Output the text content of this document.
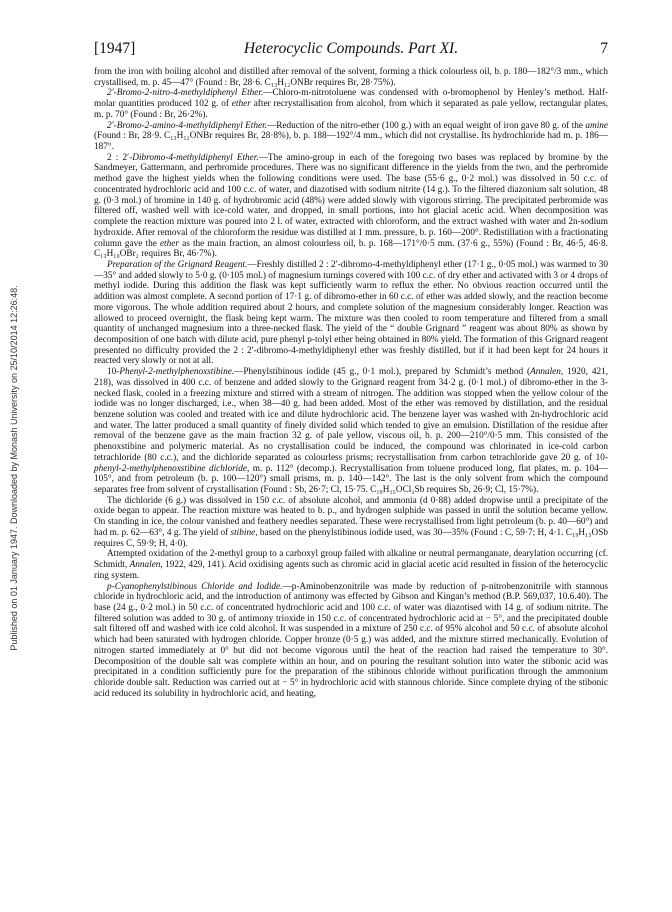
[1947]	Heterocyclic Compounds. Part XI.	7
Published on 01 January 1947. Downloaded by Monash University on 25/10/2014 12:26:48.

from the iron with boiling alcohol and distilled after removal of the solvent, forming a thick colourless oil, b. p. 180—182°/3 mm., which crystallised, m. p. 45—47° (Found : Br, 28·6. C₁₃H₁₂ONBr requires Br, 28·75%).

2′-Bromo-2-nitro-4-methyldiphenyl Ether.—Chloro-m-nitrotoluene was condensed with o-bromophenol by Henley’s method. Half-molar quantities produced 102 g. of ether after recrystallisation from alcohol, from which it separated as pale yellow, rectangular plates, m. p. 70° (Found : Br, 26·2%).

2′-Bromo-2-amino-4-methyldiphenyl Ether.—Reduction of the nitro-ether (100 g.) with an equal weight of iron gave 80 g. of the amine (Found : Br, 28·9. C₁₃H₁₂ONBr requires Br, 28·8%), b. p. 188—192°/4 mm., which did not crystallise. Its hydrochloride had m. p. 186—187°.

2 : 2′-Dibromo-4-methyldiphenyl Ether.—The amino-group in each of the foregoing two bases was replaced by bromine by the Sandmeyer, Gattermann, and perbromide procedures. There was no significant difference in the yields from the two, and the perbromide method gave the highest yields when the following conditions were used. The base (55·6 g., 0·2 mol.) was dissolved in 50 c.c. of concentrated hydrochloric acid and 100 c.c. of water, and diazotised with sodium nitrite (14 g.). To the filtered diazonium salt solution, 48 g. (0·3 mol.) of bromine in 140 g. of hydrobromic acid (48%) were added slowly with vigorous stirring. The precipitated perbromide was filtered off, washed well with ice-cold water, and dropped, in small portions, into hot glacial acetic acid. When decomposition was complete the reaction mixture was poured into 2 l. of water, extracted with chloroform, and the extract washed with water and 2n-sodium hydroxide. After removal of the chloroform the residue was distilled at 1 mm. pressure, b. p. 160—200°. Redistillation with a fractionating column gave the ether as the main fraction, an almost colourless oil, b. p. 168—171°/0·5 mm. (37·6 g., 55%) (Found : Br, 46·5, 46·8. C₁₃H₁₀OBr₂ requires Br, 46·7%).

Preparation of the Grignard Reagent.—Freshly distilled 2 : 2′-dibromo-4-methyldiphenyl ether (17·1 g., 0·05 mol.) was warmed to 30—35° and added slowly to 5·0 g. (0·105 mol.) of magnesium turnings covered with 100 c.c. of dry ether and activated with 3 or 4 drops of methyl iodide. During this addition the flask was kept sufficiently warm to reflux the ether. No obvious reaction occurred until the addition was almost complete. A second portion of 17·1 g. of dibromo-ether in 60 c.c. of ether was added slowly, and the reaction become more vigorous. The whole addition required about 2 hours, and complete solution of the magnesium considerably longer. Reaction was allowed to proceed overnight, the flask being kept warm. The mixture was then cooled to room temperature and filtered from a small quantity of unchanged magnesium into a three-necked flask. The yield of the “ double Grignard ” reagent was about 80% as shown by decomposition of one batch with dilute acid, pure phenyl p-tolyl ether being obtained in 80% yield. The formation of this Grignard reagent presented no difficulty provided the 2 : 2′-dibromo-4-methyldiphenyl ether was freshly distilled, but if it had been kept for 24 hours it reacted very slowly or not at all.

10-Phenyl-2-methylphenoxstibine.—Phenylstibinous iodide (45 g., 0·1 mol.), prepared by Schmidt’s method (Annalen, 1920, 421, 218), was dissolved in 400 c.c. of benzene and added slowly to the Grignard reagent from 34·2 g. (0·1 mol.) of dibromo-ether in the 3-necked flask, cooled in a freezing mixture and stirred with a stream of nitrogen. The addition was stopped when the yellow colour of the iodide was no longer discharged, i.e., when 38—40 g. had been added. Most of the ether was removed by distillation, and the residual benzene solution was cooled and treated with ice and dilute hydrochloric acid. The benzene layer was washed with 2n-hydrochloric acid and water. The latter produced a small quantity of finely divided solid which tended to give an emulsion. Distillation of the residue after removal of the benzene gave as the main fraction 32 g. of pale yellow, viscous oil, b. p. 200—210°/0·5 mm. This consisted of the phenoxstibine and polymeric material. As no crystallisation could be induced, the compound was chlorinated in ice-cold carbon tetrachloride (80 c.c.), and the dichloride separated as colourless prisms; recrystallisation from carbon tetrachloride gave 20 g. of 10-phenyl-2-methylphenoxstibine dichloride, m. p. 112° (decomp.). Recrystallisation from toluene produced long, flat plates, m. p. 104—105°, and from petroleum (b. p. 100—120°) small prisms, m. p. 140—142°. The last is the only solvent from which the compound separates free from solvent of crystallisation (Found : Sb, 26·7; Cl, 15·75. C₁₉H₁₅OCl₂Sb requires Sb, 26·9; Cl, 15·7%).

The dichloride (6 g.) was dissolved in 150 c.c. of absolute alcohol, and ammonia (d 0·88) added dropwise until a precipitate of the oxide began to appear. The reaction mixture was heated to b. p., and hydrogen sulphide was passed in until the solution became yellow. On standing in ice, the colour vanished and feathery needles separated. These were recrystallised from light petroleum (b. p. 40—60°) and had m. p. 62—63°, 4 g. The yield of stibine, based on the phenylstibinous iodide used, was 30—35% (Found : C, 59·7; H, 4·1. C₁₉H₁₅OSb requires C, 59·9; H, 4·0).

Attempted oxidation of the 2-methyl group to a carboxyl group failed with alkaline or neutral permanganate, dearylation occurring (cf. Schmidt, Annalen, 1922, 429, 141). Acid oxidising agents such as chromic acid in glacial acetic acid resulted in fission of the heterocyclic ring system.

p-Cyanophenylstibinous Chloride and Iodide.—p-Aminobenzonitrile was made by reduction of p-nitrobenzonitrile with stannous chloride in hydrochloric acid, and the introduction of antimony was effected by Gibson and Kingan’s method (B.P. 569,037, 10.6.40). The base (24 g., 0·2 mol.) in 50 c.c. of concentrated hydrochloric acid and 100 c.c. of water was diazotised with 14 g. of sodium nitrite. The filtered solution was added to 30 g. of antimony trioxide in 150 c.c. of concentrated hydrochloric acid at − 5°, and the precipitated double salt filtered off and washed with ice cold alcohol. It was suspended in a mixture of 250 c.c. of 95% alcohol and 50 c.c. of absolute alcohol which had been saturated with hydrogen chloride. Copper bronze (0·5 g.) was added, and the mixture stirred mechanically. Evolution of nitrogen started immediately at 0° but did not become vigorous until the heat of the reaction had raised the temperature to 30°. Decomposition of the double salt was complete within an hour, and on pouring the resultant solution into water the stibonic acid was precipitated in a condition sufficiently pure for the preparation of the stibinous chloride without purification through the ammonium chloride double salt. Reduction was carried out at − 5° in hydrochloric acid with stannous chloride. Since complete drying of the stibonic acid reduced its solubility in hydrochloric acid, and heating,
